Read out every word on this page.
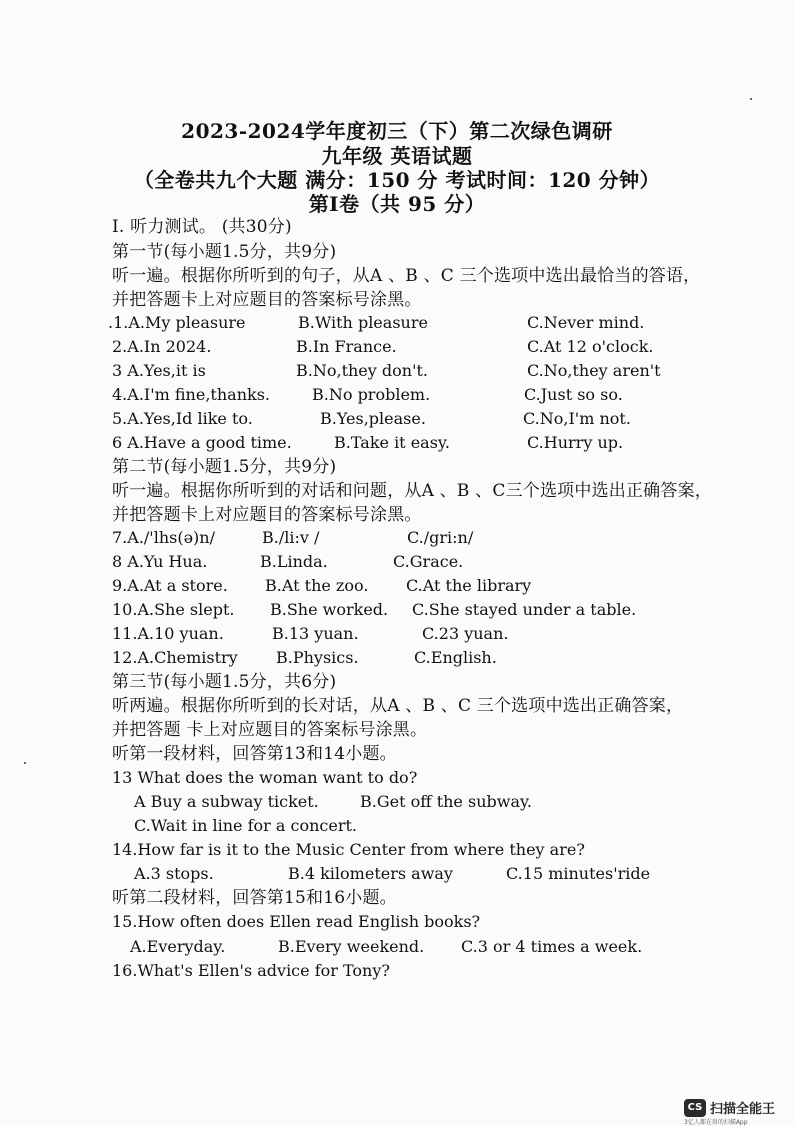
2023-2024学年度初三（下）第二次绿色调研
九年级 英语试题
（全卷共九个大题 满分：150 分 考试时间：120 分钟）
第I卷（共 95 分）
I. 听力测试。 (共30分)
第一节(每小题1.5分，共9分)
听一遍。根据你所听到的句子，从A 、B 、C 三个选项中选出最恰当的答语，
并把答题卡上对应题目的答案标号涂黑。
.1.A.My pleasure	B.With pleasure	C.Never mind.
2.A.In 2024.	B.In France.	C.At 12 o'clock.
3 A.Yes,it is	B.No,they don't.	C.No,they aren't
4.A.I'm fine,thanks.	B.No problem.	C.Just so so.
5.A.Yes,Id like to.	B.Yes,please.	C.No,I'm not.
6 A.Have a good time.	B.Take it easy.	C.Hurry up.
第二节(每小题1.5分，共9分)
听一遍。根据你所听到的对话和问题，从A 、B 、C三个选项中选出正确答案，
并把答题卡上对应题目的答案标号涂黑。
7.A./'lhs(ə)n/	B./li:v /	C./gri:n/
8 A.Yu Hua.	B.Linda.	C.Grace.
9.A.At a store. B.At the zoo. C.At the library
10.A.She slept. B.She worked. C.She stayed under a table.
11.A.10 yuan.	B.13 yuan.	C.23 yuan.
12.A.Chemistry B.Physics.	C.English.
第三节(每小题1.5分，共6分)
听两遍。根据你所听到的长对话，从A 、B 、C 三个选项中选出正确答案，
并把答题 卡上对应题目的答案标号涂黑。
听第一段材料，回答第13和14小题。
13 What does the woman want to do?
A Buy a subway ticket.	B.Get off the subway.
C.Wait in line for a concert.
14.How far is it to the Music Center from where they are?
A.3 stops.	B.4 kilometers away	C.15 minutes'ride
听第二段材料，回答第15和16小题。
15.How often does Ellen read English books?
A.Everyday.	B.Every weekend. C.3 or 4 times a week.
16.What's Ellen's advice for Tony?
CS 扫描全能王
3亿人都在用的扫描App
